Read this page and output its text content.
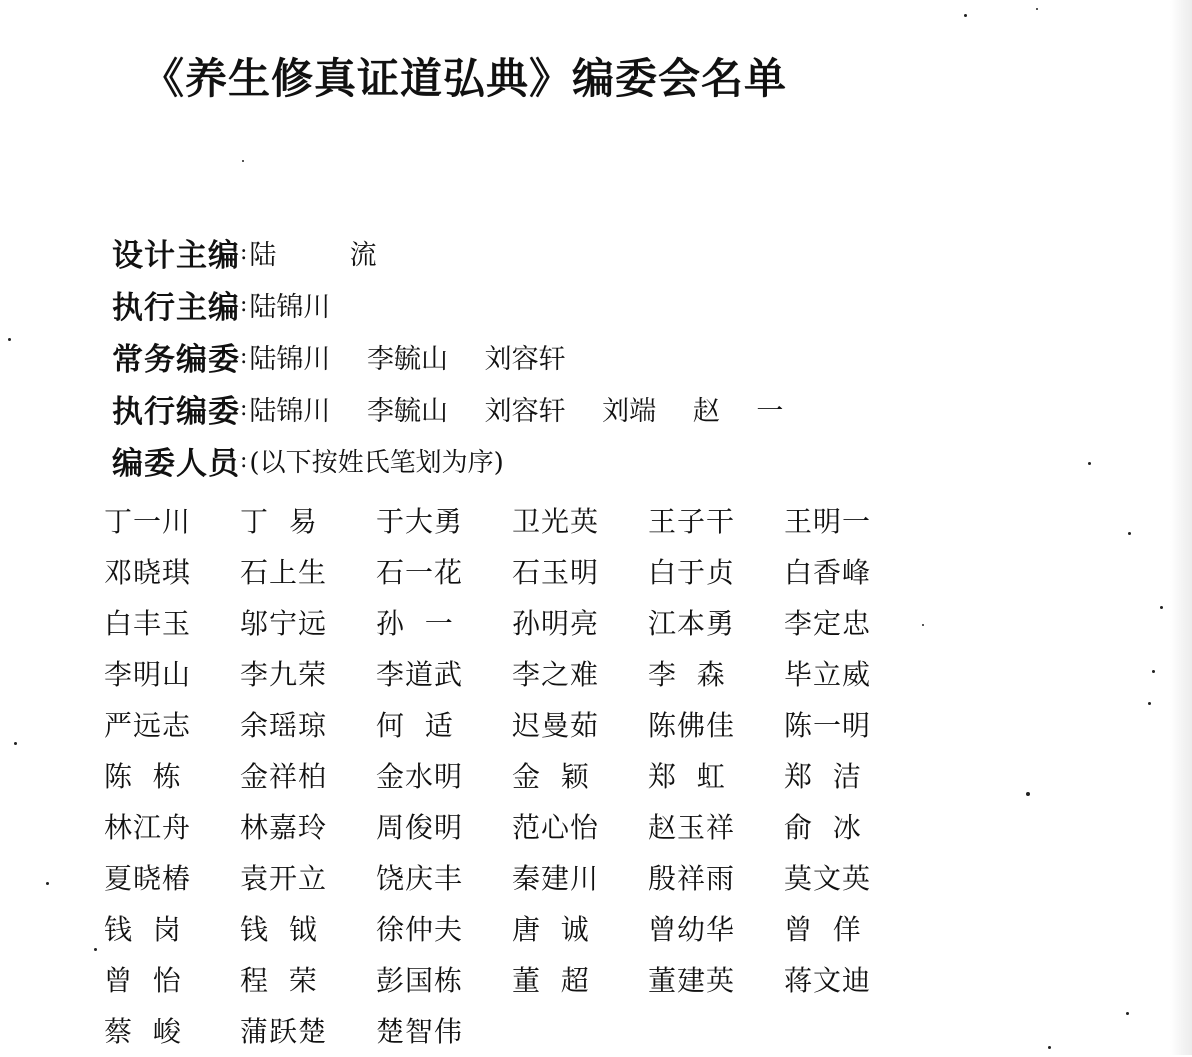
《养生修真证道弘典》编委会名单
设计主编 : 陆  流
执行主编 : 陆锦川
常务编委 : 陆锦川 李毓山 刘容轩
执行编委 : 陆锦川 李毓山 刘容轩 刘端 赵 一
编委人员 : (以下按姓氏笔划为序)
丁一川	丁  易	于大勇	卫光英	王子干	王明一
邓晓琪	石上生	石一花	石玉明	白于贞	白香峰
白丰玉	邬宁远	孙  一	孙明亮	江本勇	李定忠
李明山	李九荣	李道武	李之难	李  森	毕立威
严远志	余瑶琼	何  适	迟曼茹	陈佛佳	陈一明
陈  栋	金祥柏	金水明	金  颖	郑  虹	郑  洁
林江舟	林嘉玲	周俊明	范心怡	赵玉祥	俞  冰
夏晓椿	袁开立	饶庆丰	秦建川	殷祥雨	莫文英
钱  岗	钱  钺	徐仲夫	唐  诚	曾幼华	曾  佯
曾  怡	程  荣	彭国栋	董  超	董建英	蒋文迪
蔡  峻	蒲跃楚	楚智伟
